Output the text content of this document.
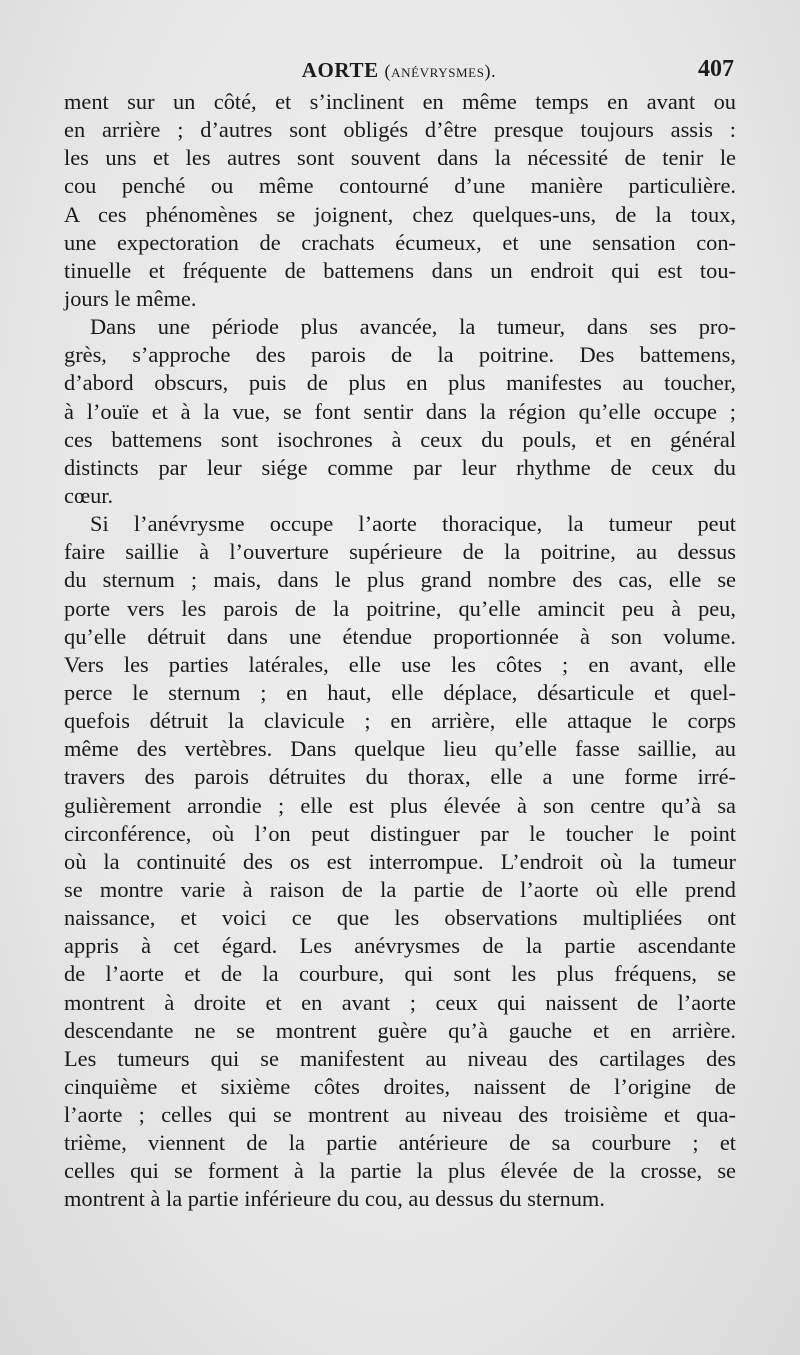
AORTE (anévrysmes).	407
ment sur un côté, et s’inclinent en même temps en avant ou
en arrière ; d’autres sont obligés d’être presque toujours assis :
les uns et les autres sont souvent dans la nécessité de tenir le
cou penché ou même contourné d’une manière particulière.
A ces phénomènes se joignent, chez quelques-uns, de la toux,
une expectoration de crachats écumeux, et une sensation con-
tinuelle et fréquente de battemens dans un endroit qui est tou-
jours le même.
Dans une période plus avancée, la tumeur, dans ses pro-
grès, s’approche des parois de la poitrine. Des battemens,
d’abord obscurs, puis de plus en plus manifestes au toucher,
à l’ouïe et à la vue, se font sentir dans la région qu’elle occupe ;
ces battemens sont isochrones à ceux du pouls, et en général
distincts par leur siége comme par leur rhythme de ceux du
cœur.
Si l’anévrysme occupe l’aorte thoracique, la tumeur peut
faire saillie à l’ouverture supérieure de la poitrine, au dessus
du sternum ; mais, dans le plus grand nombre des cas, elle se
porte vers les parois de la poitrine, qu’elle amincit peu à peu,
qu’elle détruit dans une étendue proportionnée à son volume.
Vers les parties latérales, elle use les côtes ; en avant, elle
perce le sternum ; en haut, elle déplace, désarticule et quel-
quefois détruit la clavicule ; en arrière, elle attaque le corps
même des vertèbres. Dans quelque lieu qu’elle fasse saillie, au
travers des parois détruites du thorax, elle a une forme irré-
gulièrement arrondie ; elle est plus élevée à son centre qu’à sa
circonférence, où l’on peut distinguer par le toucher le point
où la continuité des os est interrompue. L’endroit où la tumeur
se montre varie à raison de la partie de l’aorte où elle prend
naissance, et voici ce que les observations multipliées ont
appris à cet égard. Les anévrysmes de la partie ascendante
de l’aorte et de la courbure, qui sont les plus fréquens, se
montrent à droite et en avant ; ceux qui naissent de l’aorte
descendante ne se montrent guère qu’à gauche et en arrière.
Les tumeurs qui se manifestent au niveau des cartilages des
cinquième et sixième côtes droites, naissent de l’origine de
l’aorte ; celles qui se montrent au niveau des troisième et qua-
trième, viennent de la partie antérieure de sa courbure ; et
celles qui se forment à la partie la plus élevée de la crosse, se
montrent à la partie inférieure du cou, au dessus du sternum.
